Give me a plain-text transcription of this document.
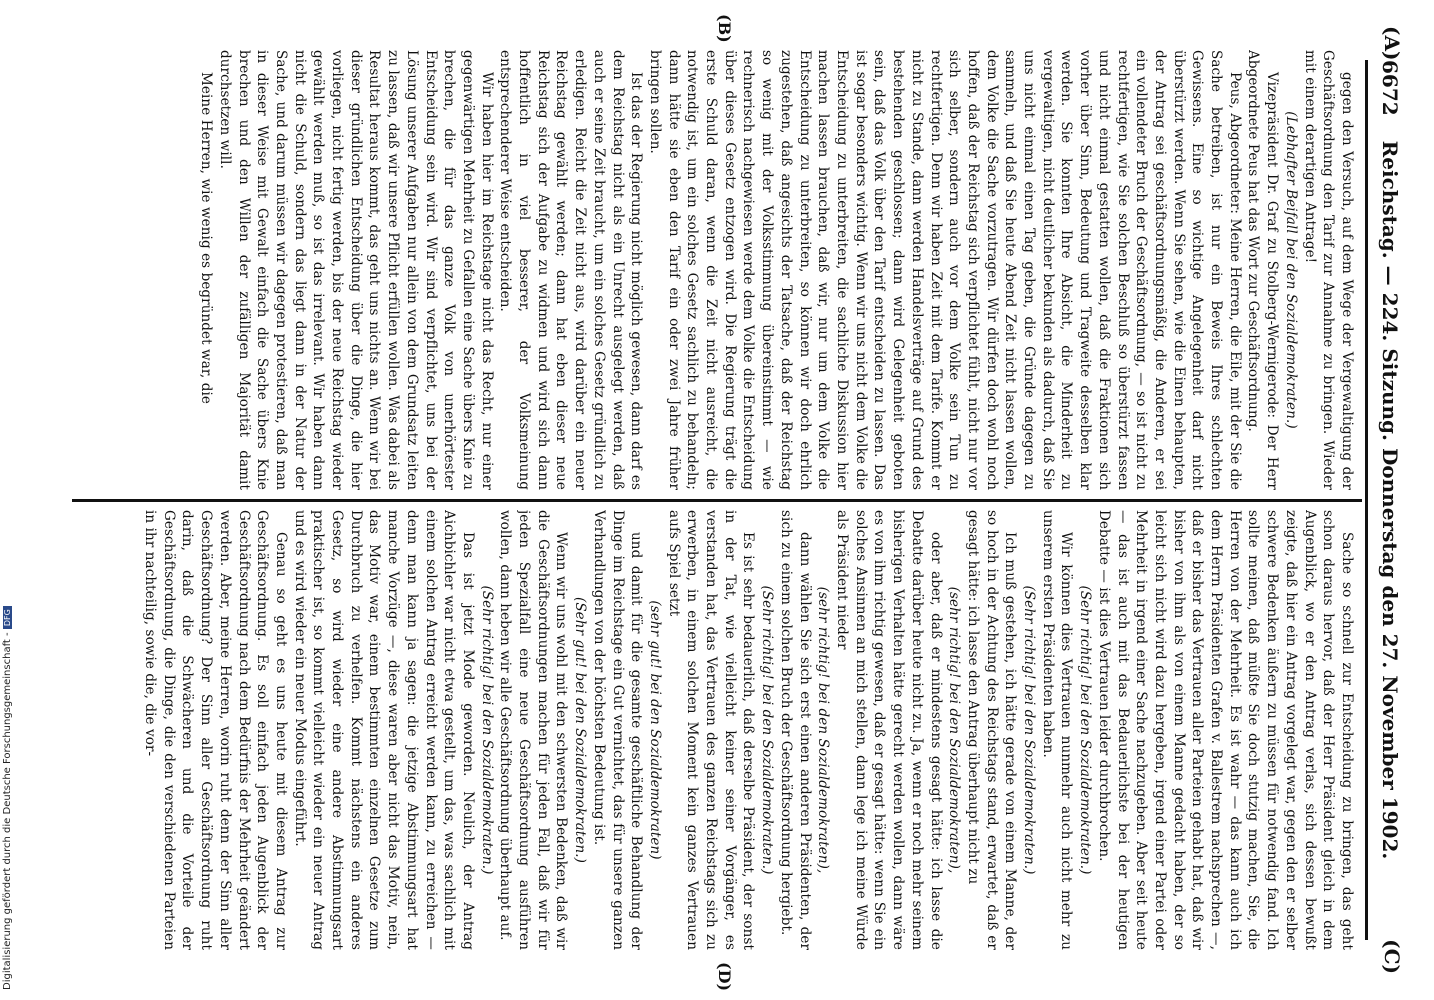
(A)
Reichstag. — 224. Sitzung. Donnerstag den 27. November 1902.
6672
(C)

gegen den Versuch, auf dem Wege der Vergewaltigung der Geschäftsordnung den Tarif zur Annahme zu bringen. Wieder mit einem derartigen Antrage!

(Lebhafter Beifall bei den Sozialdemokraten.)

Vizepräsident Dr. Graf zu Stolberg-Wernigerode: Der Herr Abgeordnete Peus hat das Wort zur Geschäftsordnung.

Peus, Abgeordneter: Meine Herren, die Eile, mit der Sie die Sache betreiben, ist nur ein Beweis Ihres schlechten Gewissens. Eine so wichtige Angelegenheit darf nicht überstürzt werden. Wenn Sie sehen, wie die Einen behaupten, der Antrag sei geschäftsordnungsmäßig, die Anderen, er sei ein vollendeter Bruch der Geschäftsordnung, — so ist nicht zu rechtfertigen, wie Sie solchen Beschluß so überstürzt fassen und nicht einmal gestatten wollen, daß die Fraktionen sich vorher über Sinn, Bedeutung und Tragweite desselben klar werden. Sie konnten Ihre Absicht, die Minderheit zu vergewaltigen, nicht deutlicher bekunden als dadurch, daß Sie uns nicht einmal einen Tag geben, die Gründe dagegen zu sammeln, und daß Sie heute Abend Zeit nicht lassen wollen, dem Volke die Sache vorzutragen. Wir dürfen doch wohl noch hoffen, daß der Reichstag sich verpflichtet fühlt, nicht nur vor sich selber, sondern auch vor dem Volke sein Tun zu rechtfertigen. Denn wir haben Zeit mit dem Tarife. Kommt er nicht zu Stande, dann werden Handelsverträge auf Grund des bestehenden geschlossen; dann wird Gelegenheit geboten sein, daß das Volk über den Tarif entscheiden zu lassen. Das ist sogar besonders wichtig. Wenn wir uns nicht dem Volke die Entscheidung zu unterbreiten, die sachliche Diskussion hier machen lassen brauchen, daß wir, nur um dem Volke die Entscheidung zu unterbreiten, so können wir doch ehrlich zugestehen, daß angesichts der Tatsache, daß der Reichstag so wenig mit der Volksstimmung übereinstimmt — wie rechnerisch nachgewiesen werde dem Volke die Entscheidung über dieses Gesetz entzogen wird. Die Regierung trägt die erste Schuld daran, wenn die Zeit nicht ausreicht, die notwendig ist, um ein solches Gesetz sachlich zu behandeln; dann hätte sie eben den Tarif ein oder zwei Jahre früher bringen sollen.

Ist das der Regierung nicht möglich gewesen, dann darf es dem Reichstag nicht als ein Unrecht ausgelegt werden, daß auch er seine Zeit braucht, um ein solches Gesetz gründlich zu erledigen. Reicht die Zeit nicht aus, wird darüber ein neuer Reichstag gewählt werden; dann hat eben dieser neue Reichstag sich der Aufgabe zu widmen und wird sich dann hoffentlich in viel besserer, der Volksmeinung entsprechenderer Weise entscheiden.

Wir haben hier im Reichstage nicht das Recht, nur einer gegenwärtigen Mehrheit zu Gefallen eine Sache übers Knie zu brechen, die für das ganze Volk von unerhörtester Entscheidung sein wird. Wir sind verpflichtet, uns bei der Lösung unserer Aufgaben nur allein von dem Grundsatz leiten zu lassen, daß wir unsere Pflicht erfüllen wollen. Was dabei als Resultat heraus kommt, das geht uns nichts an. Wenn wir bei dieser gründlichen Entscheidung über die Dinge, die hier vorliegen, nicht fertig werden, bis der neue Reichstag wieder gewählt werden muß, so ist das irrelevant. Wir haben dann nicht die Schuld, sondern das liegt dann in der Natur der Sache, und darum müssen wir dagegen protestieren, daß man in dieser Weise mit Gewalt einfach die Sache übers Knie brechen und den Willen der zufälligen Majorität damit durchsetzen will.

Meine Herren, wie wenig es begründet war, die

Sache so schnell zur Entscheidung zu bringen, das geht schon daraus hervor, daß der Herr Präsident gleich in dem Augenblick, wo er den Antrag verlas, sich dessen bewußt zeigte, daß hier ein Antrag vorgelegt war, gegen den er selber schwere Bedenken äußern zu müssen für notwendig fand. Ich sollte meinen, daß müßte Sie doch stutzig machen, Sie, die Herren von der Mehrheit. Es ist wahr — das kann auch ich dem Herrn Präsidenten Grafen v. Ballestrem nachsprechen —, daß er bisher das Vertrauen aller Parteien gehabt hat, daß wir bisher von ihm als von einem Manne gedacht haben, der so leicht sich nicht wird dazu hergeben, irgend einer Partei oder Mehrheit in irgend einer Sache nachzugeben. Aber seit heute — das ist auch mit das Bedauerlichste bei der heutigen Debatte — ist dies Vertrauen leider durchbrochen.

(Sehr richtig! bei den Sozialdemokraten.)

Wir können dies Vertrauen nunmehr auch nicht mehr zu unserem ersten Präsidenten haben.

(Sehr richtig! bei den Sozialdemokraten.)

Ich muß gestehen, ich hätte gerade von einem Manne, der so hoch in der Achtung des Reichstags stand, erwartet, daß er gesagt hätte: ich lasse den Antrag überhaupt nicht zu

(sehr richtig! bei den Sozialdemokraten),

oder aber, daß er mindestens gesagt hätte: ich lasse die Debatte darüber heute nicht zu. Ja, wenn er noch mehr seinem bisherigen Verhalten hätte gerecht werden wollen, dann wäre es von ihm richtig gewesen, daß er gesagt hätte: wenn Sie ein solches Ansinnen an mich stellen, dann lege ich meine Würde als Präsident nieder

(sehr richtig! bei den Sozialdemokraten),

dann wählen Sie sich erst einen anderen Präsidenten, der sich zu einem solchen Bruch der Geschäftsordnung hergiebt.

(Sehr richtig! bei den Sozialdemokraten.)

Es ist sehr bedauerlich, daß derselbe Präsident, der sonst in der Tat, wie vielleicht keiner seiner Vorgänger, es verstanden hat, das Vertrauen des ganzen Reichstags sich zu erwerben, in einem solchen Moment kein ganzes Vertrauen aufs Spiel setzt

(sehr gut! bei den Sozialdemokraten)

und damit für die gesamte geschäftliche Behandlung der Dinge im Reichstage ein Gut vernichtet, das für unsere ganzen Verhandlungen von der höchsten Bedeutung ist.

(Sehr gut! bei den Sozialdemokraten.)

Wenn wir uns wohl mit den schwersten Bedenken, daß wir die Geschäftsordnungen machen für jeden Fall, daß wir für jeden Spezialfall eine neue Geschäftsordnung ausführen wollen, dann heben wir alle Geschäftsordnung überhaupt auf.

(Sehr richtig! bei den Sozialdemokraten.)

Das ist jetzt Mode geworden. Neulich, der Antrag Aichbichler war nicht etwa gestellt, um das, was sachlich mit einem solchen Antrag erreicht werden kann, zu erreichen — denn man kann ja sagen: die jetzige Abstimmungsart hat manche Vorzüge —, diese waren aber nicht das Motiv, nein, das Motiv war, einem bestimmten einzelnen Gesetze zum Durchbruch zu verhelfen. Kommt nächstens ein anderes Gesetz, so wird wieder eine andere Abstimmungsart praktischer ist, so kommt vielleicht wieder ein neuer Antrag und es wird wieder ein neuer Modus eingeführt.

Genau so geht es uns heute mit diesem Antrag zur Geschäftsordnung. Es soll einfach jeden Augenblick der Geschäftsordnung nach dem Bedürfnis der Mehrheit geändert werden. Aber, meine Herren, worin ruht denn der Sinn aller Geschäftsordnung? Der Sinn aller Geschäftsordnung ruht darin, daß die Schwächeren und die Vorteile der Geschäftsordnung, die Dinge, die den verschiedenen Parteien in ihr nachteilig, sowie die, die vor-

(B)
(D)
Digitalisierung gefördert durch die Deutsche Forschungsgemeinschaft - DFG
